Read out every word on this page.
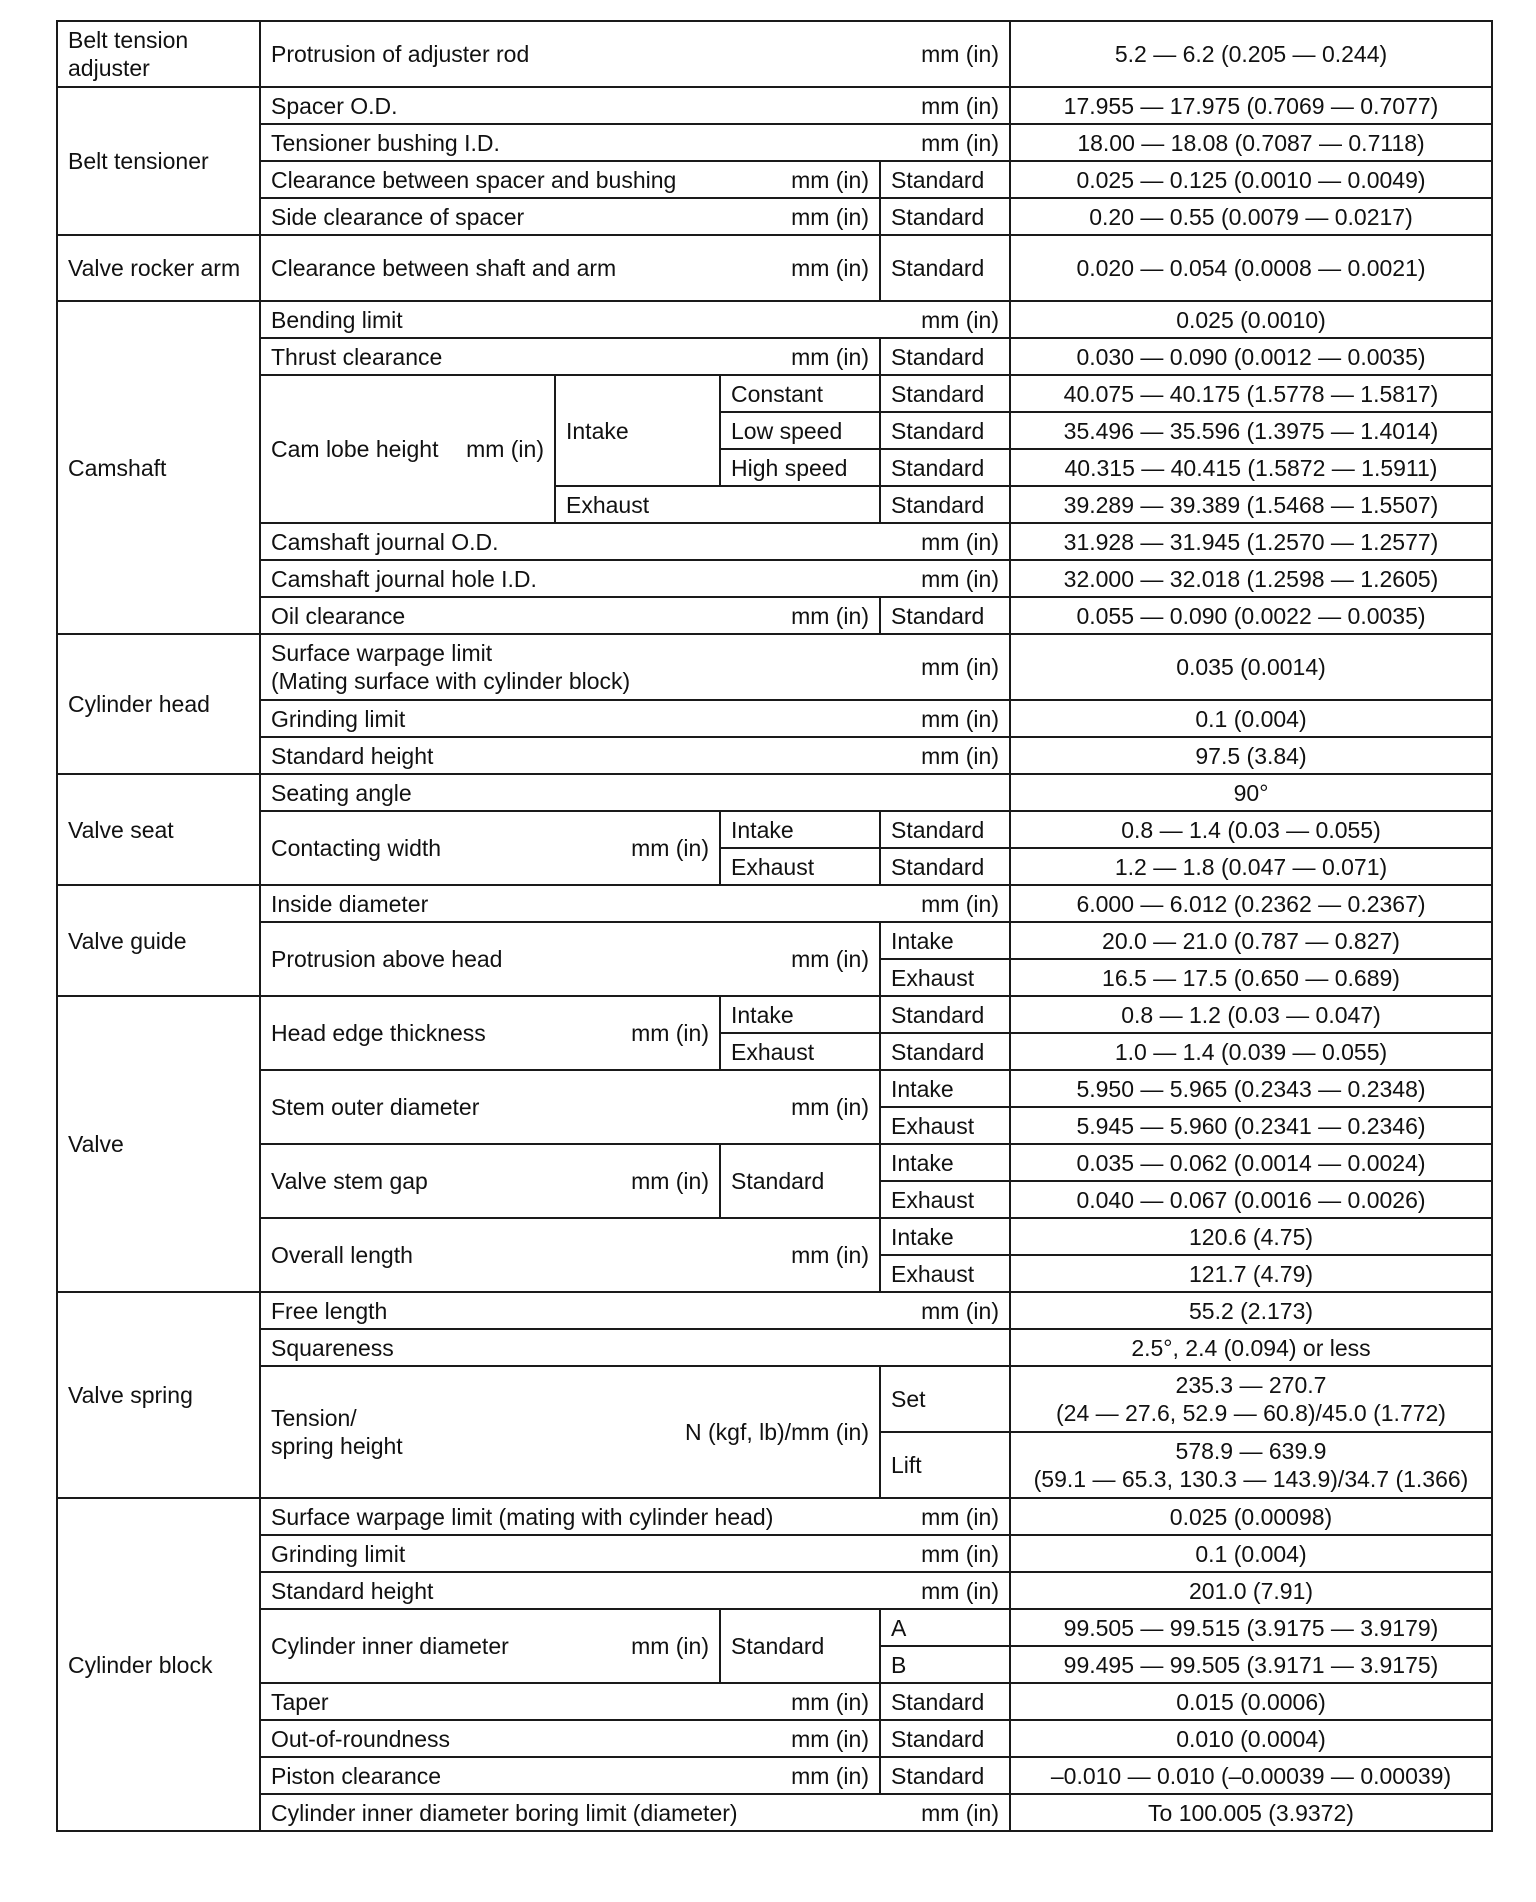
Belt tension adjuster	Protrusion of adjuster rod mm (in)				5.2 — 6.2 (0.205 — 0.244)
Belt tensioner	Spacer O.D. mm (in)				17.955 — 17.975 (0.7069 — 0.7077)

	Tensioner bushing I.D. mm (in)				18.00 — 18.08 (0.7087 — 0.7118)

	Clearance between spacer and bushing mm (in)			Standard	0.025 — 0.125 (0.0010 — 0.0049)

	Side clearance of spacer mm (in)			Standard	0.20 — 0.55 (0.0079 — 0.0217)
Valve rocker arm	Clearance between shaft and arm mm (in)			Standard	0.020 — 0.054 (0.0008 — 0.0021)
Camshaft	Bending limit mm (in)				0.025 (0.0010)

	Thrust clearance mm (in)			Standard	0.030 — 0.090 (0.0012 — 0.0035)

	Cam lobe height mm (in)	Intake	Constant	Standard	40.075 — 40.175 (1.5778 — 1.5817)
			Low speed	Standard	35.496 — 35.596 (1.3975 — 1.4014)
			High speed	Standard	40.315 — 40.415 (1.5872 — 1.5911)
		Exhaust		Standard	39.289 — 39.389 (1.5468 — 1.5507)

	Camshaft journal O.D. mm (in)				31.928 — 31.945 (1.2570 — 1.2577)

	Camshaft journal hole I.D. mm (in)				32.000 — 32.018 (1.2598 — 1.2605)

	Oil clearance mm (in)			Standard	0.055 — 0.090 (0.0022 — 0.0035)
Cylinder head	Surface warpage limit
(Mating surface with cylinder block)
mm (in)				0.035 (0.0014)

	Grinding limit mm (in)				0.1 (0.004)

	Standard height mm (in)				97.5 (3.84)
Valve seat	Seating angle				90°

	Contacting width mm (in)		Intake	Standard	0.8 — 1.4 (0.03 — 0.055)
			Exhaust	Standard	1.2 — 1.8 (0.047 — 0.071)
Valve guide	Inside diameter mm (in)				6.000 — 6.012 (0.2362 — 0.2367)

	Protrusion above head mm (in)			Intake	20.0 — 21.0 (0.787 — 0.827)
				Exhaust	16.5 — 17.5 (0.650 — 0.689)
Valve	Head edge thickness mm (in)		Intake	Standard	0.8 — 1.2 (0.03 — 0.047)
			Exhaust	Standard	1.0 — 1.4 (0.039 — 0.055)

	Stem outer diameter mm (in)			Intake	5.950 — 5.965 (0.2343 — 0.2348)
				Exhaust	5.945 — 5.960 (0.2341 — 0.2346)

	Valve stem gap mm (in)		Standard	Intake	0.035 — 0.062 (0.0014 — 0.0024)
				Exhaust	0.040 — 0.067 (0.0016 — 0.0026)

	Overall length mm (in)			Intake	120.6 (4.75)
				Exhaust	121.7 (4.79)
Valve spring	Free length mm (in)				55.2 (2.173)
	Squareness				2.5°, 2.4 (0.094) or less

	Tension/
spring height
N (kgf, lb)/mm (in)			Set	235.3 — 270.7
(24 — 27.6, 52.9 — 60.8)/45.0 (1.772)

				Lift	578.9 — 639.9
(59.1 — 65.3, 130.3 — 143.9)/34.7 (1.366)

Cylinder block	Surface warpage limit (mating with cylinder head) mm (in)				0.025 (0.00098)

	Grinding limit mm (in)				0.1 (0.004)

	Standard height mm (in)				201.0 (7.91)

	Cylinder inner diameter mm (in)		Standard	A	99.505 — 99.515 (3.9175 — 3.9179)
				B	99.495 — 99.505 (3.9171 — 3.9175)

	Taper mm (in)			Standard	0.015 (0.0006)

	Out-of-roundness mm (in)			Standard	0.010 (0.0004)

	Piston clearance mm (in)			Standard	–0.010 — 0.010 (–0.00039 — 0.00039)

	Cylinder inner diameter boring limit (diameter) mm (in)				To 100.005 (3.9372)
